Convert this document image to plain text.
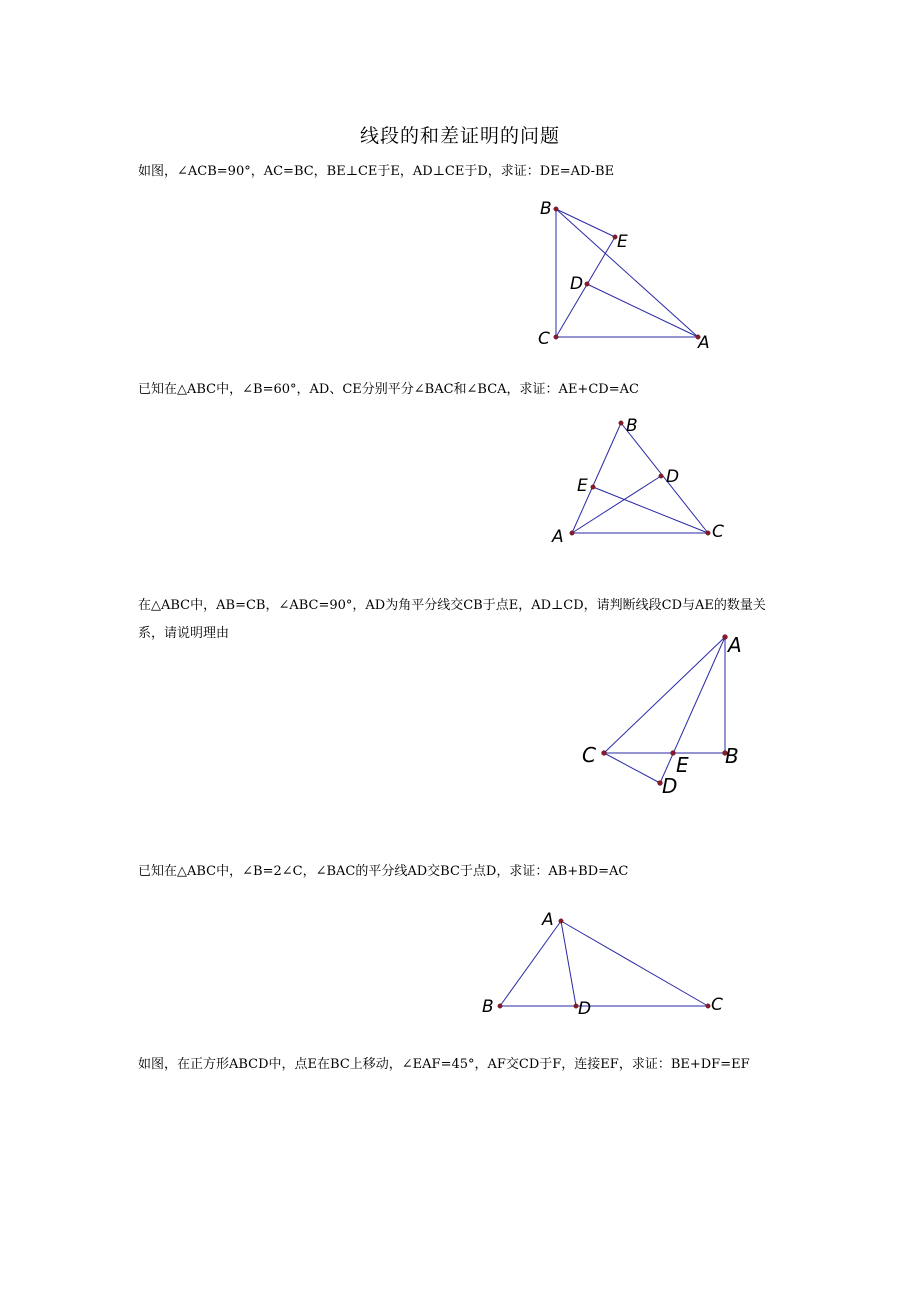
线段的和差证明的问题
如图，∠ACB=90°，AC=BC，BE⊥CE于E，AD⊥CE于D，求证：DE=AD-BE
已知在△ABC中，∠B=60°，AD、CE分别平分∠BAC和∠BCA，求证：AE+CD=AC
在△ABC中，AB=CB，∠ABC=90°，AD为角平分线交CB于点E，AD⊥CD，请判断线段CD与AE的数量关系，请说明理由
已知在△ABC中，∠B=2∠C，∠BAC的平分线AD交BC于点D，求证：AB+BD=AC
如图，在正方形ABCD中，点E在BC上移动，∠EAF=45°，AF交CD于F，连接EF，求证：BE+DF=EF
B
E
D
C	A
B
D
E
A	C
A
C	E B
D
A
B	D	C
